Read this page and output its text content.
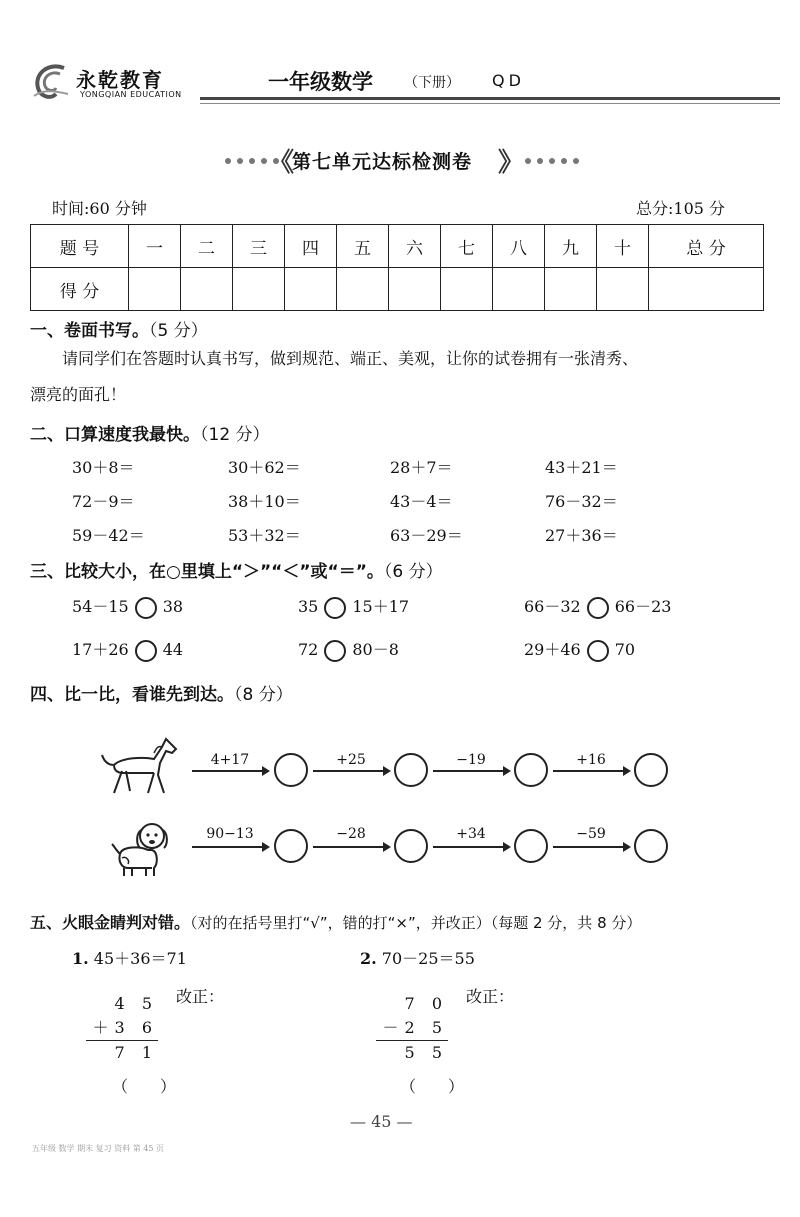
永乾教育
YONGQIAN EDUCATION
一年级数学 （下册） QD
《
第七单元达标检测卷 》
时间:60 分钟	总分:105 分
题 号	一	二	三	四	五	六	七	八	九	十	总 分
得 分											
一、卷面书写。（5 分）
请同学们在答题时认真书写，做到规范、端正、美观，让你的试卷拥有一张清秀、
漂亮的面孔！
二、口算速度我最快。（12 分）
30＋8＝	30＋62＝	28＋7＝	43＋21＝
72－9＝	38＋10＝	43－4＝	76－32＝
59－42＝	53＋32＝	63－29＝	27＋36＝
三、比较大小，在○里填上“＞”“＜”或“＝”。（6 分）
54－15 38	35 15＋17	66－32 66－23
17＋26 44	72 80－8	29＋46 70
四、比一比，看谁先到达。（8 分）
4+17	+25	−19	+16
90−13	−28	+34	−59
五、火眼金睛判对错。（对的在括号里打“√”，错的打“×”，并改正）（每题 2 分，共 8 分）
1. 45＋36＝71
4 5
＋3 6
7 1
改正：
（　　）
2. 70－25＝55
7 0
－2 5
5 5
改正：
（　　）
— 45 —
五年级 数学 期末 复习 资料 第 45 页
